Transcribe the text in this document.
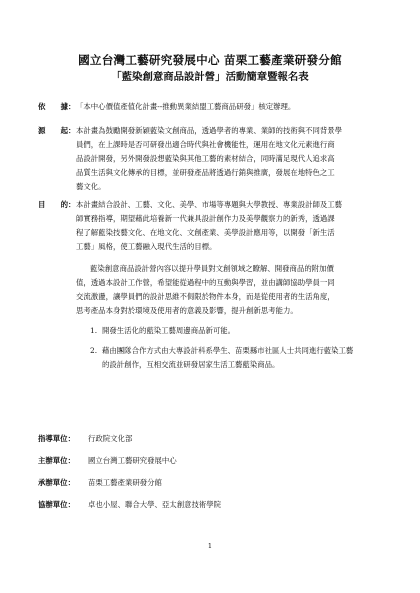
國立台灣工藝研究發展中心 苗栗工藝產業研發分館
「藍染創意商品設計營」活動簡章暨報名表
依據： 「本中心價值產值化計畫--推動異業結盟工藝商品研發」核定辦理。

源起： 本計畫為鼓勵開發新穎藍染文創商品，透過學者的專業、業師的技術與不同背景學

員們，在上課時是否可研發出適合時代與社會機能性，運用在地文化元素進行商

品設計開發，另外開發設想藍染與其他工藝的素材結合，同時滿足現代人追求高

品質生活與文化傳承的目標，並研發產品將透過行銷與推廣，發展在地特色之工

藝文化。

目的： 本計畫結合設計、工藝、文化、美學、市場等專題與大學教授、專業設計師及工藝

師實務指導，期望藉此培養新一代兼具設計創作力及美學觀察力的新秀，透過課

程了解藍染技藝文化、在地文化、文創產業、美學設計應用等，以開發「新生活

工藝」風格，使工藝融入現代生活的目標。

藍染創意商品設計營內容以提升學員對文創領域之瞭解、開發商品的附加價

值，透過本設計工作營，希望能從過程中的互動與學習，並由講師協助學員一同

交流激盪，讓學員們的設計思維不侷限於物件本身，而是從使用者的生活角度，

思考產品本身對於環境及使用者的意義及影響，提升創新思考能力。

1. 開發生活化的藍染工藝周邊商品新可能。

2. 藉由團隊合作方式由大專設計科系學生、苗栗縣市社區人士共同進行藍染工藝

的設計創作，互相交流並研發居家生活工藝藍染商品。

指導單位：	行政院文化部
主辦單位：	國立台灣工藝研究發展中心
承辦單位：	苗栗工藝產業研發分館
協辦單位：	卓也小屋、聯合大學、亞太創意技術學院
1
